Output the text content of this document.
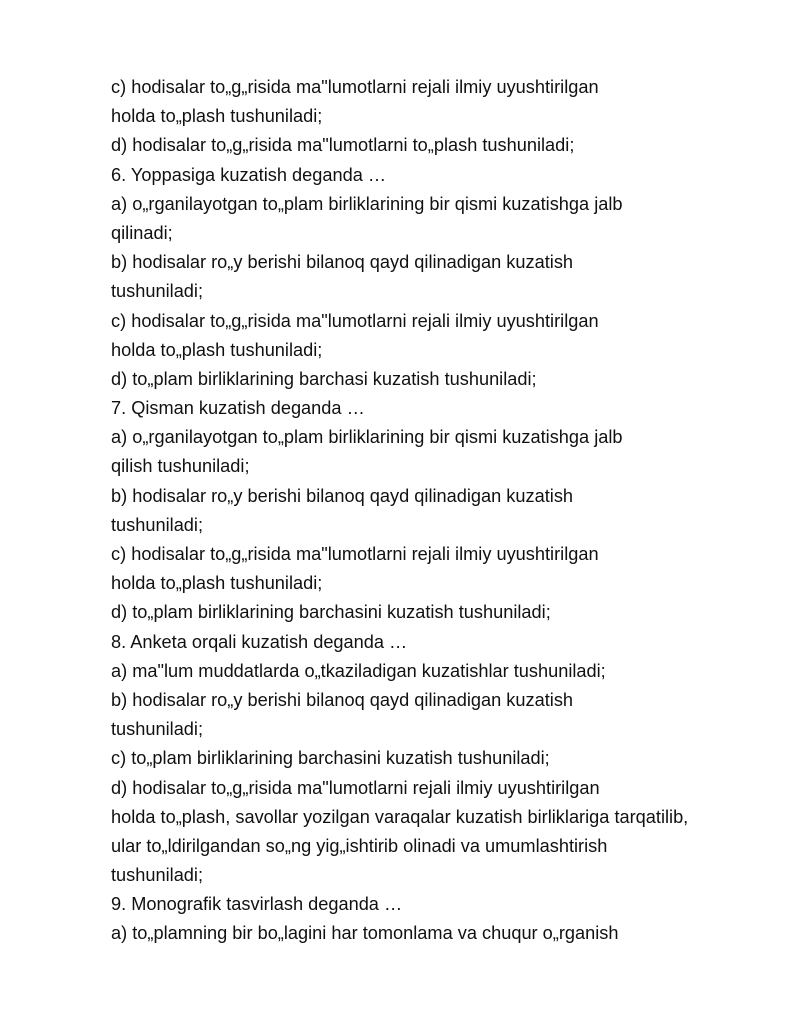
c) hodisalar to„g„risida ma"lumotlarni rejali ilmiy uyushtirilgan
holda to„plash tushuniladi;
d) hodisalar to„g„risida ma"lumotlarni to„plash tushuniladi;
6. Yoppasiga kuzatish deganda …
a) o„rganilayotgan to„plam birliklarining bir qismi kuzatishga jalb
qilinadi;
b) hodisalar ro„y berishi bilanoq qayd qilinadigan kuzatish
tushuniladi;
c) hodisalar to„g„risida ma"lumotlarni rejali ilmiy uyushtirilgan
holda to„plash tushuniladi;
d) to„plam birliklarining barchasi kuzatish tushuniladi;
7. Qisman kuzatish deganda …
a) o„rganilayotgan to„plam birliklarining bir qismi kuzatishga jalb
qilish tushuniladi;
b) hodisalar ro„y berishi bilanoq qayd qilinadigan kuzatish
tushuniladi;
c) hodisalar to„g„risida ma"lumotlarni rejali ilmiy uyushtirilgan
holda to„plash tushuniladi;
d) to„plam birliklarining barchasini kuzatish tushuniladi;
8. Anketa orqali kuzatish deganda …
a) ma"lum muddatlarda o„tkaziladigan kuzatishlar tushuniladi;
b) hodisalar ro„y berishi bilanoq qayd qilinadigan kuzatish
tushuniladi;
c) to„plam birliklarining barchasini kuzatish tushuniladi;
d) hodisalar to„g„risida ma"lumotlarni rejali ilmiy uyushtirilgan
holda to„plash, savollar yozilgan varaqalar kuzatish birliklariga tarqatilib,
ular to„ldirilgandan so„ng yig„ishtirib olinadi va umumlashtirish
tushuniladi;
9. Monografik tasvirlash deganda …
a) to„plamning bir bo„lagini har tomonlama va chuqur o„rganish
